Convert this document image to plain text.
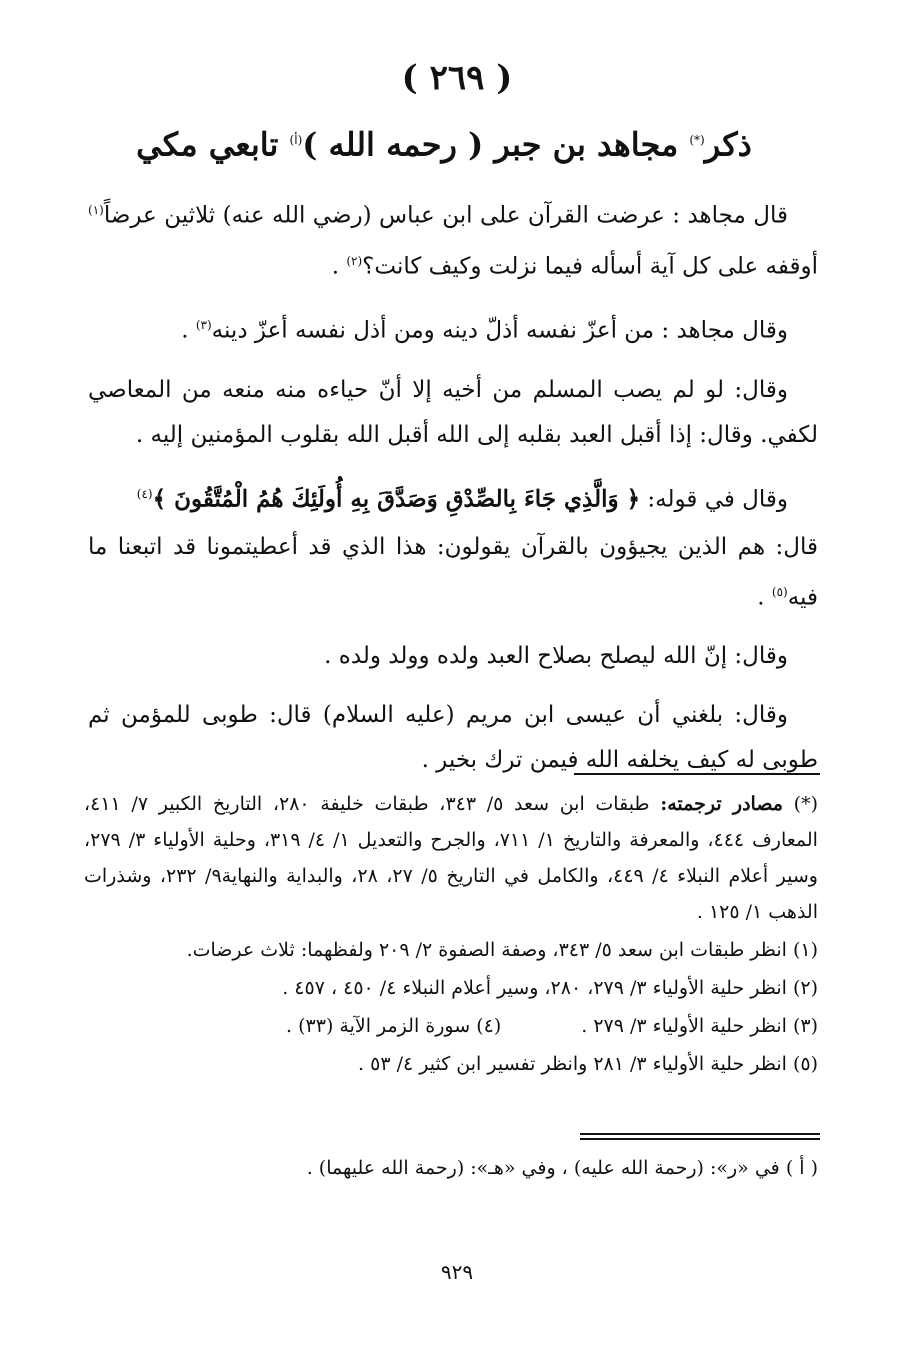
( ٢٦٩ )
ذكر(*) مجاهد بن جبر ( رحمه الله )$^{(أ)}$ تابعي مكي

قال مجاهد : عرضت القرآن على ابن عباس (رضي الله عنه) ثلاثين عرضاً$^{(١)}$ أوقفه على كل آية أسأله فيما نزلت وكيف كانت؟$^{(٢)}$ .

وقال مجاهد : من أعزّ نفسه أذلّ دينه ومن أذل نفسه أعزّ دينه$^{(٣)}$ .

وقال: لو لم يصب المسلم من أخيه إلا أنّ حياءه منه منعه من المعاصي لكفي. وقال: إذا أقبل العبد بقلبه إلى الله أقبل الله بقلوب المؤمنين إليه .

وقال في قوله: ﴿ وَالَّذِي جَاءَ بِالصِّدْقِ وَصَدَّقَ بِهِ أُولَئِكَ هُمُ الْمُتَّقُونَ ﴾$^{(٤)}$

قال: هم الذين يجيؤون بالقرآن يقولون: هذا الذي قد أعطيتمونا قد اتبعنا ما فيه$^{(٥)}$ .

وقال: إنّ الله ليصلح بصلاح العبد ولده وولد ولده .

وقال: بلغني أن عيسى ابن مريم (عليه السلام) قال: طوبى للمؤمن ثم طوبى له كيف يخلفه الله فيمن ترك بخير .

(*) مصادر ترجمته: طبقات ابن سعد ٥/ ٣٤٣، طبقات خليفة ٢٨٠، التاريخ الكبير ٧/ ٤١١، المعارف ٤٤٤، والمعرفة والتاريخ ١/ ٧١١، والجرح والتعديل ١/ ٤/ ٣١٩، وحلية الأولياء ٣/ ٢٧٩، وسير أعلام النبلاء ٤/ ٤٤٩، والكامل في التاريخ ٥/ ٢٧، ٢٨، والبداية والنهاية٩/ ٢٣٢، وشذرات الذهب ١/ ١٢٥ .
(١) انظر طبقات ابن سعد ٥/ ٣٤٣، وصفة الصفوة ٢/ ٢٠٩ ولفظهما: ثلاث عرضات.
(٢) انظر حلية الأولياء ٣/ ٢٧٩، ٢٨٠، وسير أعلام النبلاء ٤/ ٤٥٠ ، ٤٥٧ .
(٣) انظر حلية الأولياء ٣/ ٢٧٩ .
(٤) سورة الزمر الآية (٣٣) .
(٥) انظر حلية الأولياء ٣/ ٢٨١ وانظر تفسير ابن كثير ٤/ ٥٣ .
( أ ) في «ر»: (رحمة الله عليه) ، وفي «هـ»: (رحمة الله عليهما) .
٩٢٩
